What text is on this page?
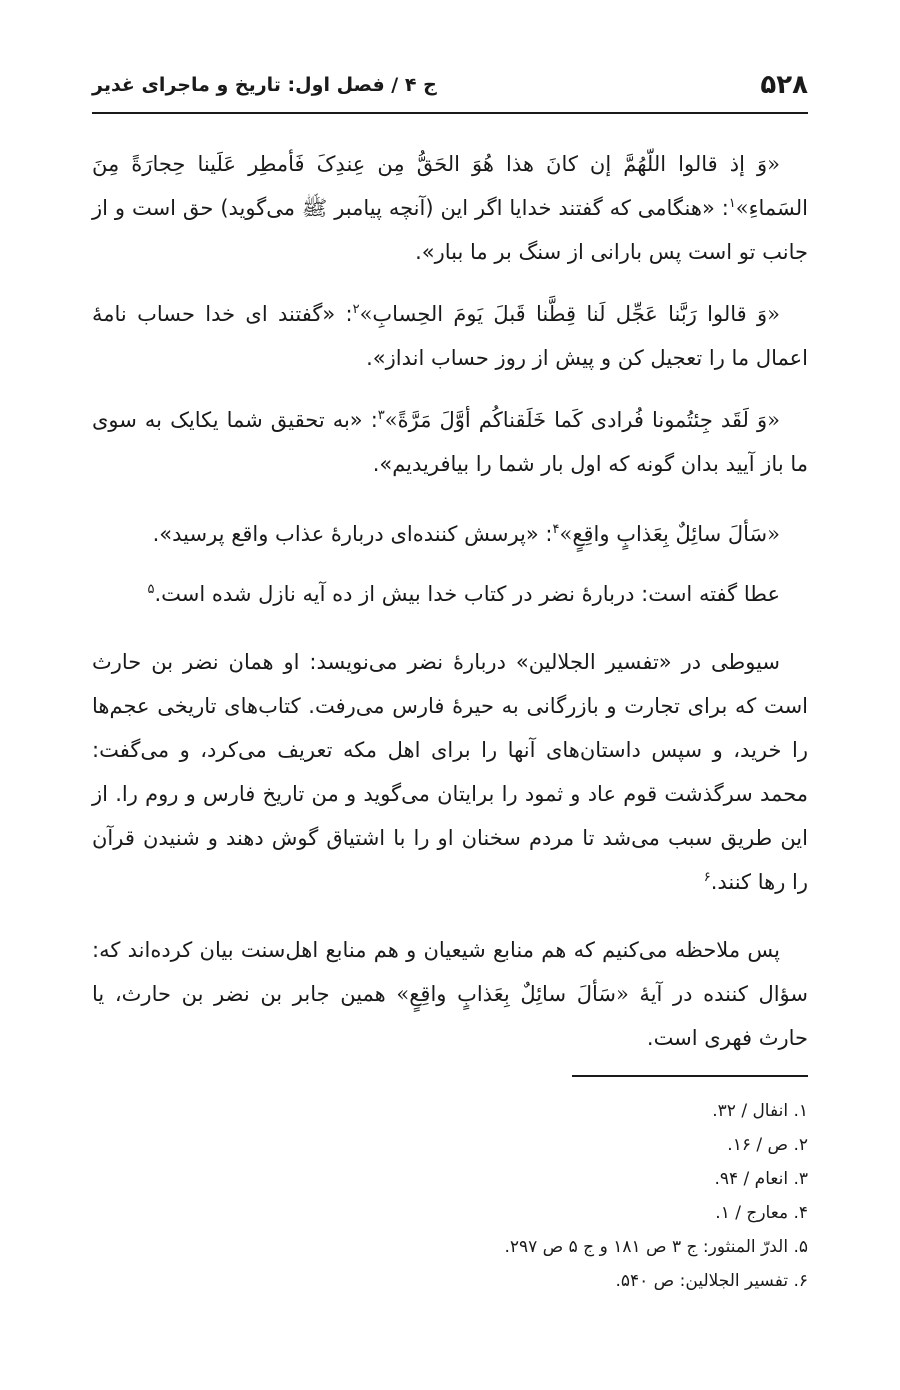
۵۲۸
ج ۴ / فصل اول: تاریخ و ماجرای غدیر

«وَ إذ قالوا اللّهُمَّ إن كانَ هذا هُوَ الحَقُّ مِن عِندِکَ فَأمطِر عَلَینا حِجارَةً مِنَ السَماءِ»$^۱$: «هنگامی که گفتند خدایا اگر این (آنچه پیامبر ﷺ می‌گوید) حق است و از جانب تو است پس بارانی از سنگ بر ما ببار».

«وَ قالوا رَبَّنا عَجِّل لَنا قِطَّنا قَبلَ یَومَ الحِسابِ»$^۲$: «گفتند ای خدا حساب نامهٔ اعمال ما را تعجیل کن و پیش از روز حساب انداز».

«وَ لَقَد جِئتُمونا فُرادی کَما خَلَقناکُم أوَّلَ مَرَّةً»$^۳$: «به تحقیق شما یکایک به سوی ما باز آیید بدان گونه که اول بار شما را بیافریدیم».

«سَألَ سائِلٌ بِعَذابٍ واقِعٍ»$^۴$: «پرسش کننده‌ای دربارهٔ عذاب واقع پرسید».

عطا گفته است: دربارهٔ نضر در کتاب خدا بیش از ده آیه نازل شده است.$^۵$

سیوطی در «تفسیر الجلالین» دربارهٔ نضر می‌نویسد: او همان نضر بن حارث است که برای تجارت و بازرگانی به حیرهٔ فارس می‌رفت. کتاب‌های تاریخی عجم‌ها را خرید، و سپس داستان‌های آنها را برای اهل مکه تعریف می‌کرد، و می‌گفت: محمد سرگذشت قوم عاد و ثمود را برایتان می‌گوید و من تاریخ فارس و روم را. از این طریق سبب می‌شد تا مردم سخنان او را با اشتیاق گوش دهند و شنیدن قرآن را رها کنند.$^۶$

پس ملاحظه می‌کنیم که هم منابع شیعیان و هم منابع اهل‌سنت بیان کرده‌اند که: سؤال کننده در آیهٔ «سَألَ سائِلٌ بِعَذابٍ واقِعٍ» همین جابر بن نضر بن حارث، یا حارث فهری است.

۱. انفال / ۳۲.
۲. ص / ۱۶.
۳. انعام / ۹۴.
۴. معارج / ۱.
۵. الدرّ المنثور: ج ۳ ص ۱۸۱ و ج ۵ ص ۲۹۷.
۶. تفسیر الجلالین: ص ۵۴۰.
